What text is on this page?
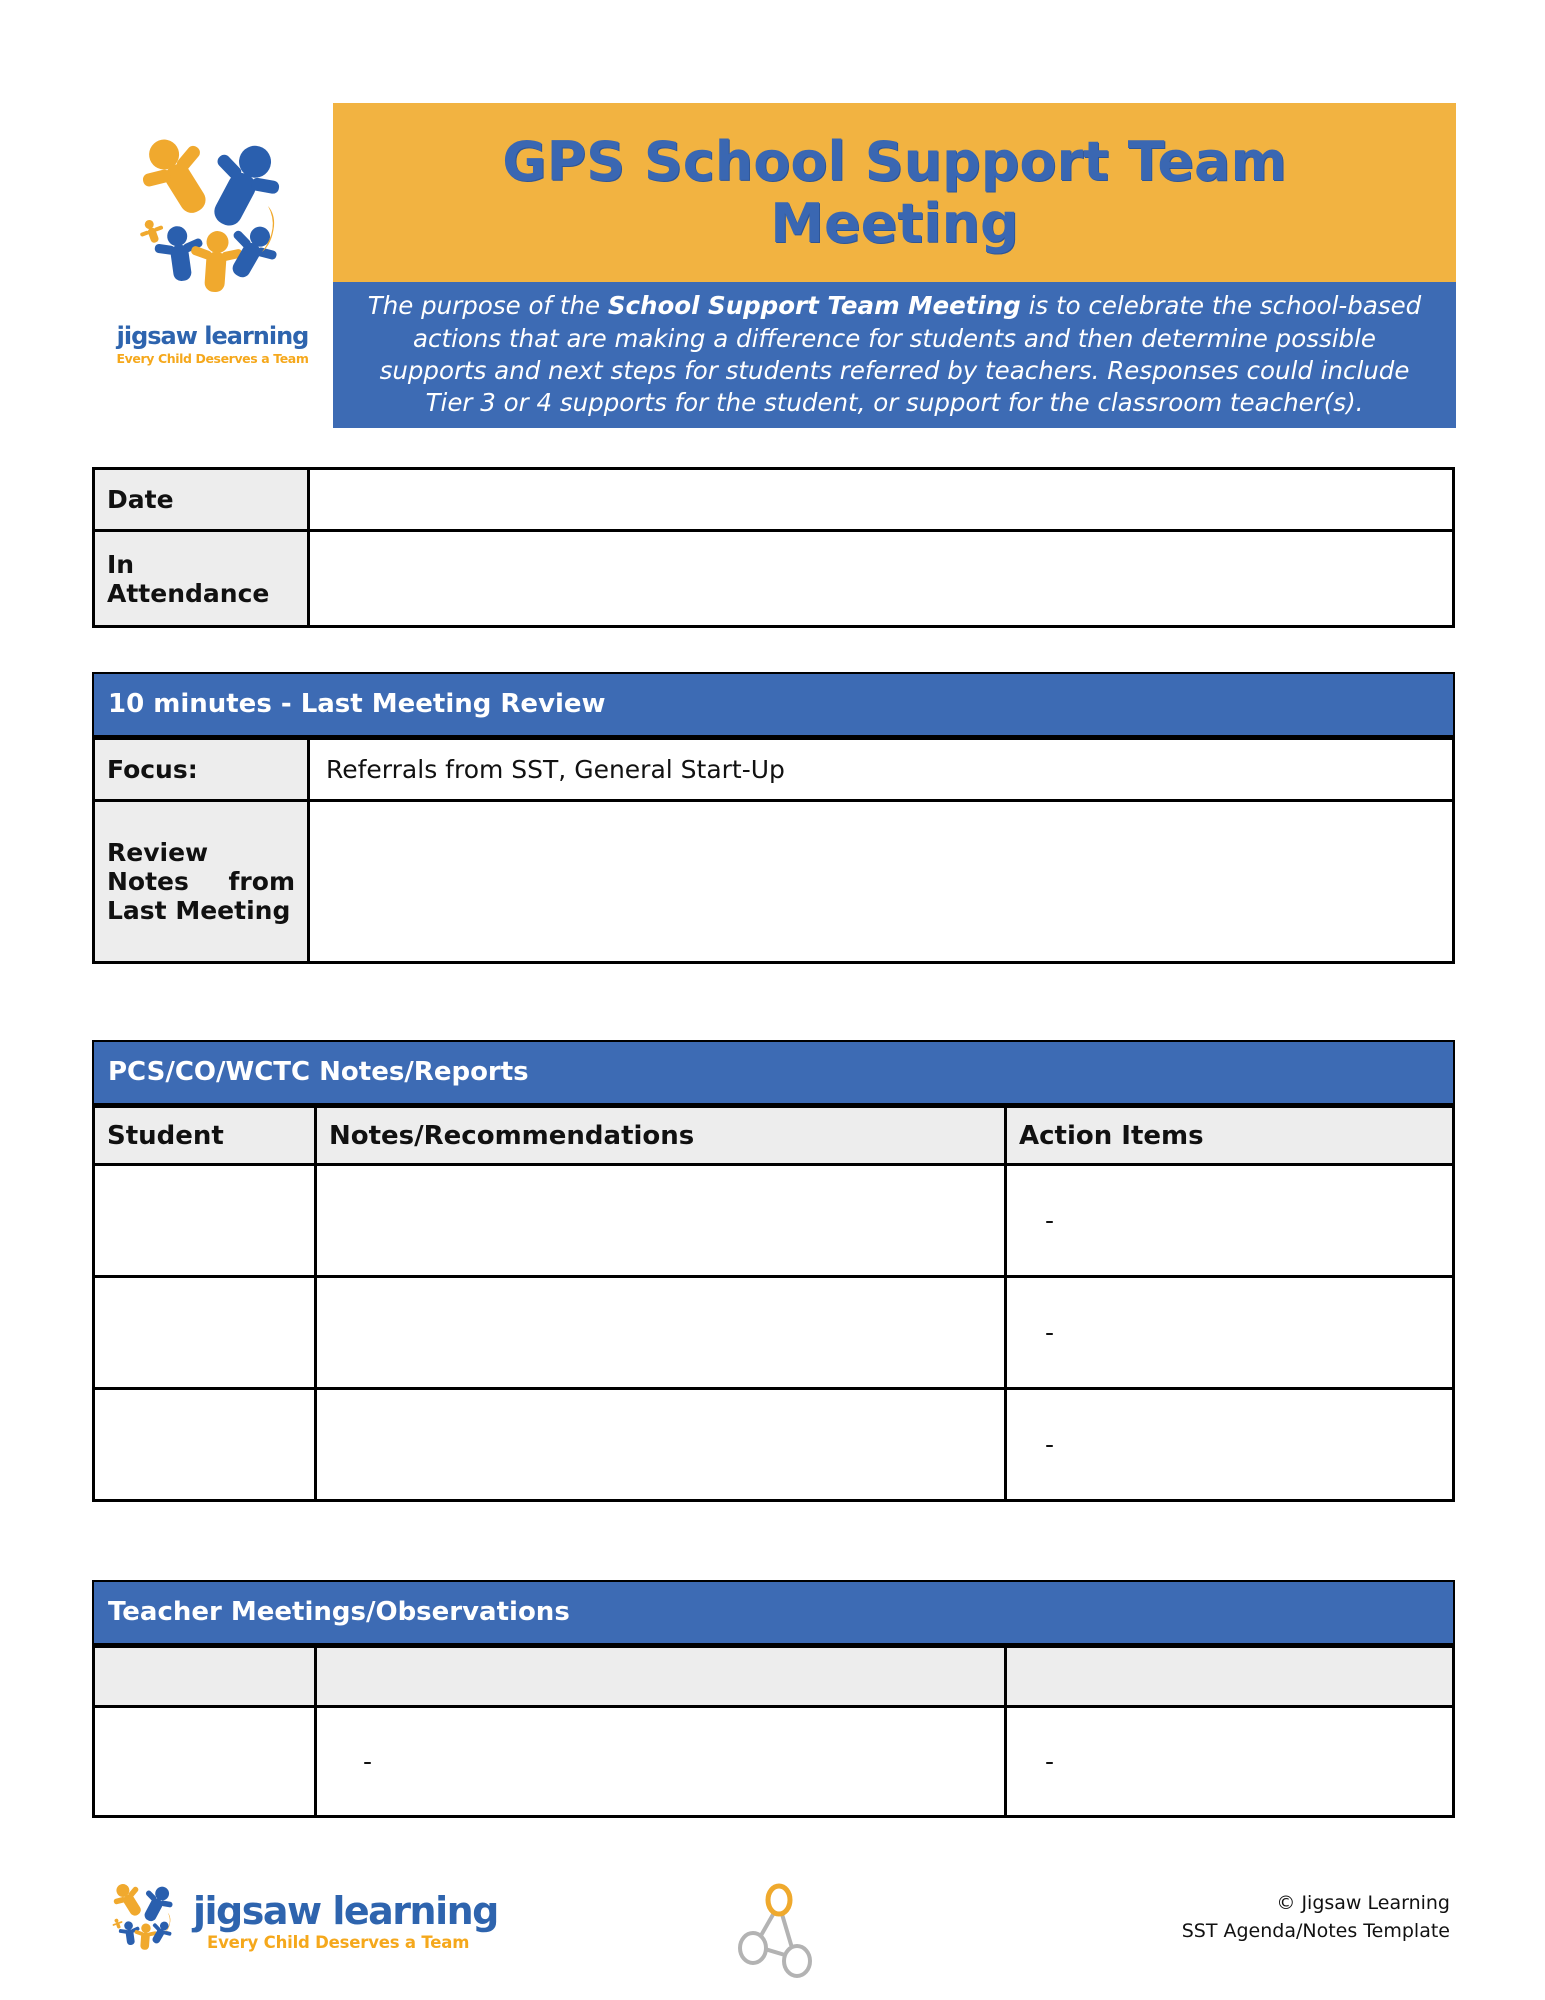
jigsaw learning
Every Child Deserves a Team
GPS School Support Team
Meeting
The purpose of the School Support Team Meeting is to celebrate the school-based actions that are making a difference for students and then determine possible supports and next steps for students referred by teachers. Responses could include Tier 3 or 4 supports for the student, or support for the classroom teacher(s).
Date	
In Attendance	
10 minutes - Last Meeting Review
Focus:	Referrals from SST, General Start-Up
Review Notes from Last Meeting	
PCS/CO/WCTC Notes/Reports
Student	Notes/Recommendations	Action Items
		-
		-
		-
Teacher Meetings/Observations

	-	-
jigsaw learning
Every Child Deserves a Team
© Jigsaw Learning
SST Agenda/Notes Template
